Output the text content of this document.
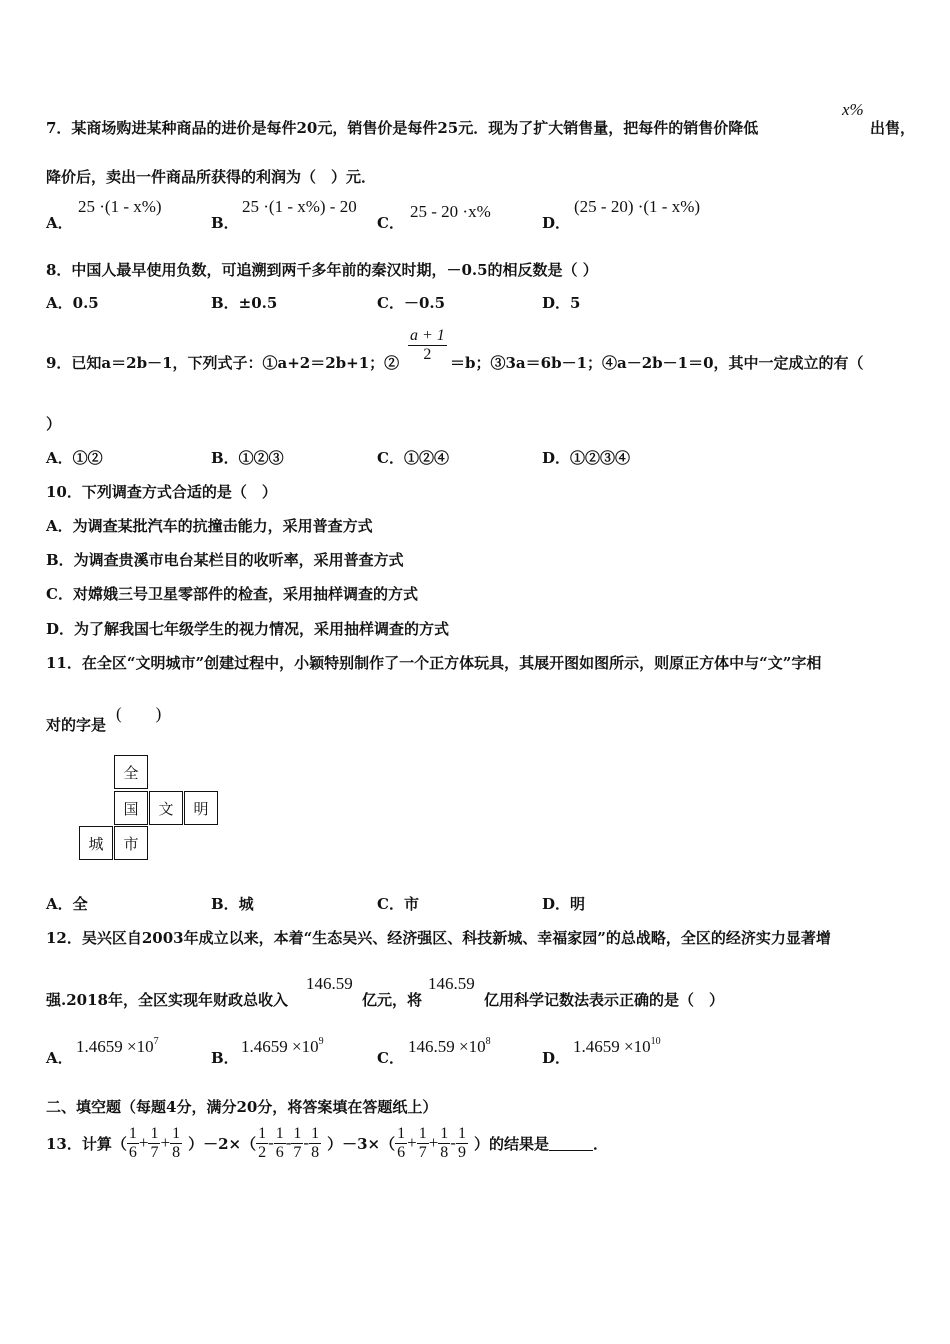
7．某商场购进某种商品的进价是每件20元，销售价是每件25元．现为了扩大销售量，把每件的销售价降低
x%
出售，
降价后，卖出一件商品所获得的利润为（　）元．
A．
25 ·(1 - x%)
B．
25 ·(1 - x%) - 20
C．
25 - 20 ·x%
D．
(25 - 20) ·(1 - x%)
8．中国人最早使用负数，可追溯到两千多年前的秦汉时期，－0.5的相反数是（ ）
A．0.5	B．±0.5	C．－0.5	D．5
9．已知a＝2b－1，下列式子：①a+2＝2b+1；② $\frac{a + 1}{2} =b$；③3a＝6b－1；④a－2b－1＝0，其中一定成立的有（
）
A．①②	B．①②③	C．①②④	D．①②③④
10．下列调查方式合适的是（　）
A．为调查某批汽车的抗撞击能力，采用普查方式
B．为调查贵溪市电台某栏目的收听率，采用普查方式
C．对嫦娥三号卫星零部件的检查，采用抽样调查的方式
D．为了解我国七年级学生的视力情况，采用抽样调查的方式
11．在全区“文明城市”创建过程中，小颖特别制作了一个正方体玩具，其展开图如图所示，则原正方体中与“文”字相
对的字是
(　　)
全
国	文	明
城	市
A．全	B．城	C．市	D．明
12．吴兴区自2003年成立以来，本着“生态吴兴、经济强区、科技新城、幸福家园”的总战略，全区的经济实力显著增
强.2018年，全区实现年财政总收入
146.59
亿元，将
146.59
亿用科学记数法表示正确的是（　）
A．
$1.4659 \times 10^7$
B．
$1.4659 \times 10^9$
C．
$146.59 \times 10^8$
D．
$1.4659 \times 10^{10}$
二、填空题（每题4分，满分20分，将答案填在答题纸上）
13．计算（ $\frac{1}{6} + \frac{1}{7} + \frac{1}{8} )-2\times( \frac{1}{2} - \frac{1}{6} - \frac{1}{7} - \frac{1}{8} )-3\times( \frac{1}{6} + \frac{1}{7} + \frac{1}{8} - \frac{1}{9}$ ）的结果是	．
